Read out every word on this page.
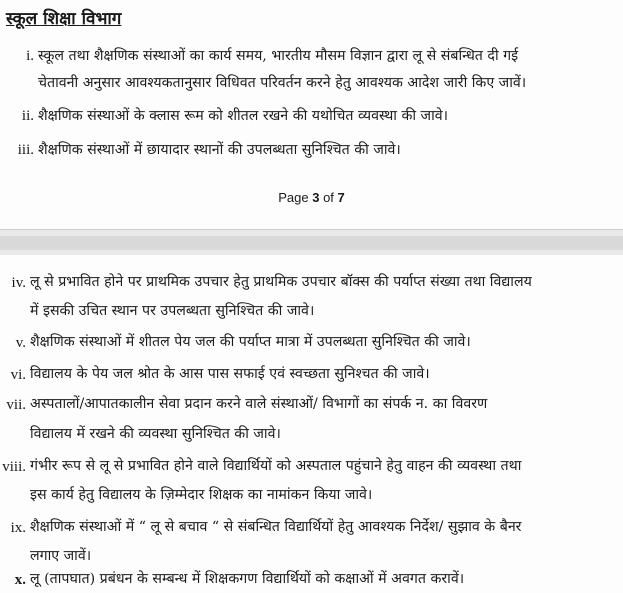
स्कूल शिक्षा विभाग
i. स्कूल तथा शैक्षणिक संस्थाओं का कार्य समय, भारतीय मौसम विज्ञान द्वारा लू से संबन्धित दी गई
चेतावनी अनुसार आवश्यकतानुसार विधिवत परिवर्तन करने हेतु आवश्यक आदेश जारी किए जावें।
ii. शैक्षणिक संस्थाओं के क्लास रूम को शीतल रखने की यथोचित व्यवस्था की जावे।
iii. शैक्षणिक संस्थाओं में छायादार स्थानों की उपलब्धता सुनिश्चित की जावे।
Page 3 of 7
iv. लू से प्रभावित होने पर प्राथमिक उपचार हेतु प्राथमिक उपचार बॉक्स की पर्याप्त संख्या तथा विद्यालय
में इसकी उचित स्थान पर उपलब्धता सुनिश्चित की जावे।
v. शैक्षणिक संस्थाओं में शीतल पेय जल की पर्याप्त मात्रा में उपलब्धता सुनिश्चित की जावे।
vi. विद्यालय के पेय जल श्रोत के आस पास सफाई एवं स्वच्छता सुनिश्चत की जावे।
vii. अस्पतालों/आपातकालीन सेवा प्रदान करने वाले संस्थाओं/ विभागों का संपर्क न. का विवरण
विद्यालय में रखने की व्यवस्था सुनिश्चित की जावे।
viii. गंभीर रूप से लू से प्रभावित होने वाले विद्यार्थियों को अस्पताल पहुंचाने हेतु वाहन की व्यवस्था तथा
इस कार्य हेतु विद्यालय के ज़िम्मेदार शिक्षक का नामांकन किया जावे।
ix. शैक्षणिक संस्थाओं में “ लू से बचाव “ से संबन्धित विद्यार्थियों हेतु आवश्यक निर्देश/ सुझाव के बैनर
लगाए जावें।
x. लू (तापघात) प्रबंधन के सम्बन्ध में शिक्षकगण विद्यार्थियों को कक्षाओं में अवगत करावें।
